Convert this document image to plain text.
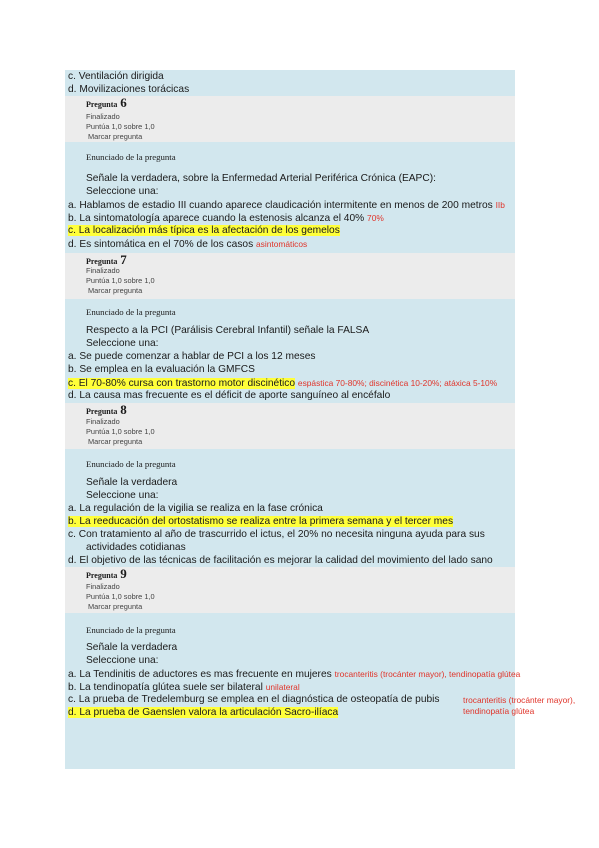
c. Ventilación dirigida
d. Movilizaciones torácicas
Pregunta 6
Finalizado
Puntúa 1,0 sobre 1,0
Marcar pregunta
Enunciado de la pregunta
Señale la verdadera, sobre la Enfermedad Arterial Periférica Crónica (EAPC):
Seleccione una:
a. Hablamos de estadio III cuando aparece claudicación intermitente en menos de 200 metros IIb
b. La sintomatología aparece cuando la estenosis alcanza el 40% 70%
c. La localización más típica es la afectación de los gemelos
d. Es sintomática en el 70% de los casos asintomáticos
Pregunta 7
Finalizado
Puntúa 1,0 sobre 1,0
Marcar pregunta
Enunciado de la pregunta
Respecto a la PCI (Parálisis Cerebral Infantil) señale la FALSA
Seleccione una:
a. Se puede comenzar a hablar de PCI a los 12 meses
b. Se emplea en la evaluación la GMFCS
c. El 70-80% cursa con trastorno motor discinético espástica 70-80%; discinética 10-20%; atáxica 5-10%
d. La causa mas frecuente es el déficit de aporte sanguíneo al encéfalo
Pregunta 8
Finalizado
Puntúa 1,0 sobre 1,0
Marcar pregunta
Enunciado de la pregunta
Señale la verdadera
Seleccione una:
a. La regulación de la vigilia se realiza en la fase crónica
b. La reeducación del ortostatismo se realiza entre la primera semana y el tercer mes
c. Con tratamiento al año de trascurrido el ictus, el 20% no necesita ninguna ayuda para sus
actividades cotidianas
d. El objetivo de las técnicas de facilitación es mejorar la calidad del movimiento del lado sano
Pregunta 9
Finalizado
Puntúa 1,0 sobre 1,0
Marcar pregunta
Enunciado de la pregunta
Señale la verdadera
Seleccione una:
a. La Tendinitis de aductores es mas frecuente en mujeres trocanteritis (trocánter mayor), tendinopatía glútea
b. La tendinopatía glútea suele ser bilateral unilateral
c. La prueba de Tredelemburg se emplea en el diagnóstica de osteopatía de pubis	trocanteritis (trocánter mayor), tendinopatía glútea
d. La prueba de Gaenslen valora la articulación Sacro-ilíaca
